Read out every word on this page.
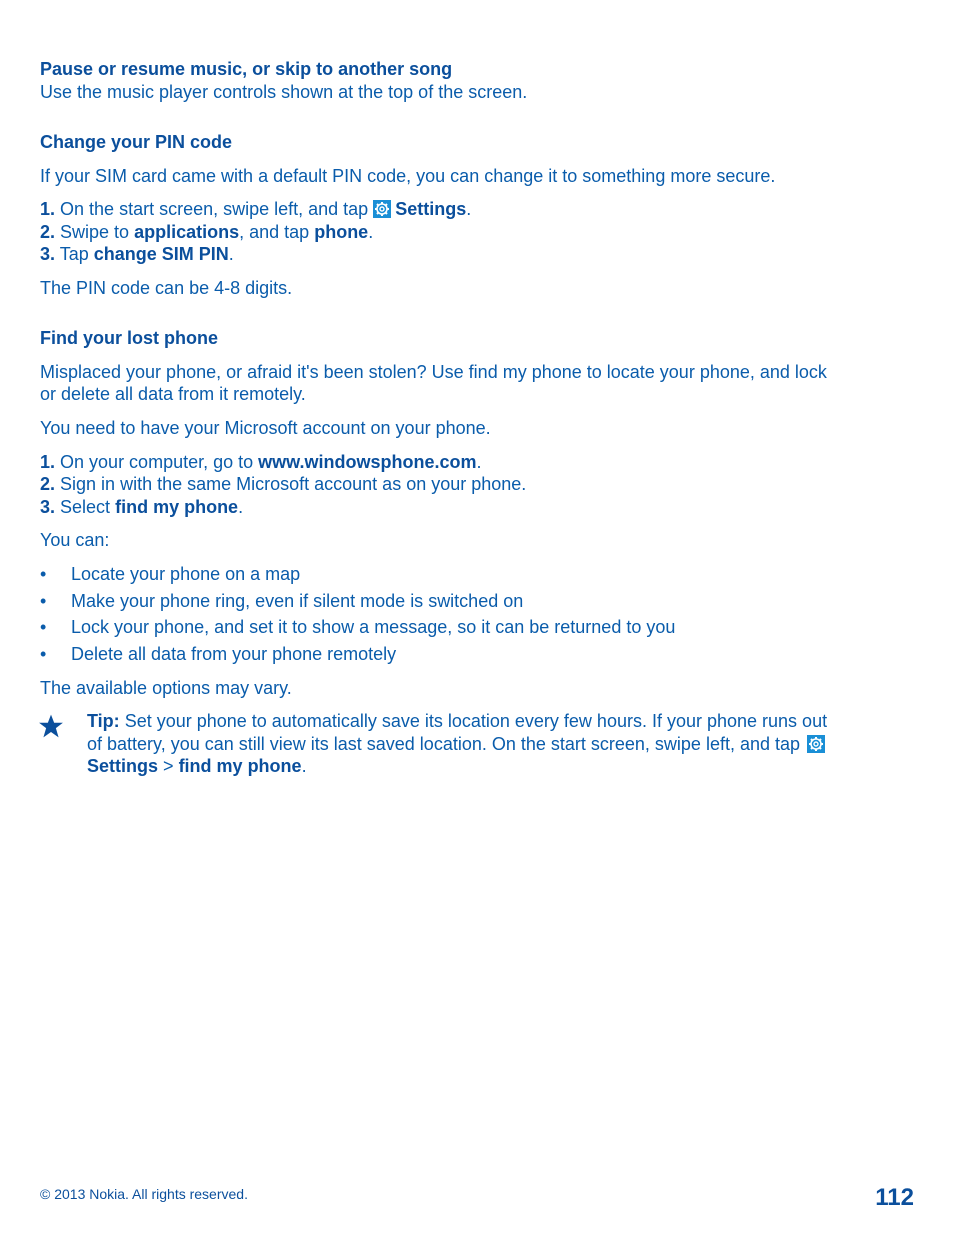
Pause or resume music, or skip to another song
Use the music player controls shown at the top of the screen.
Change your PIN code
If your SIM card came with a default PIN code, you can change it to something more secure.
1. On the start screen, swipe left, and tap Settings.
2. Swipe to applications, and tap phone.
3. Tap change SIM PIN.
The PIN code can be 4-8 digits.
Find your lost phone
Misplaced your phone, or afraid it's been stolen? Use find my phone to locate your phone, and lock
or delete all data from it remotely.
You need to have your Microsoft account on your phone.
1. On your computer, go to www.windowsphone.com.
2. Sign in with the same Microsoft account as on your phone.
3. Select find my phone.
You can:
• Locate your phone on a map
• Make your phone ring, even if silent mode is switched on
• Lock your phone, and set it to show a message, so it can be returned to you
• Delete all data from your phone remotely
The available options may vary.
Tip: Set your phone to automatically save its location every few hours. If your phone runs out
of battery, you can still view its last saved location. On the start screen, swipe left, and tap
Settings > find my phone.
© 2013 Nokia. All rights reserved.	112
